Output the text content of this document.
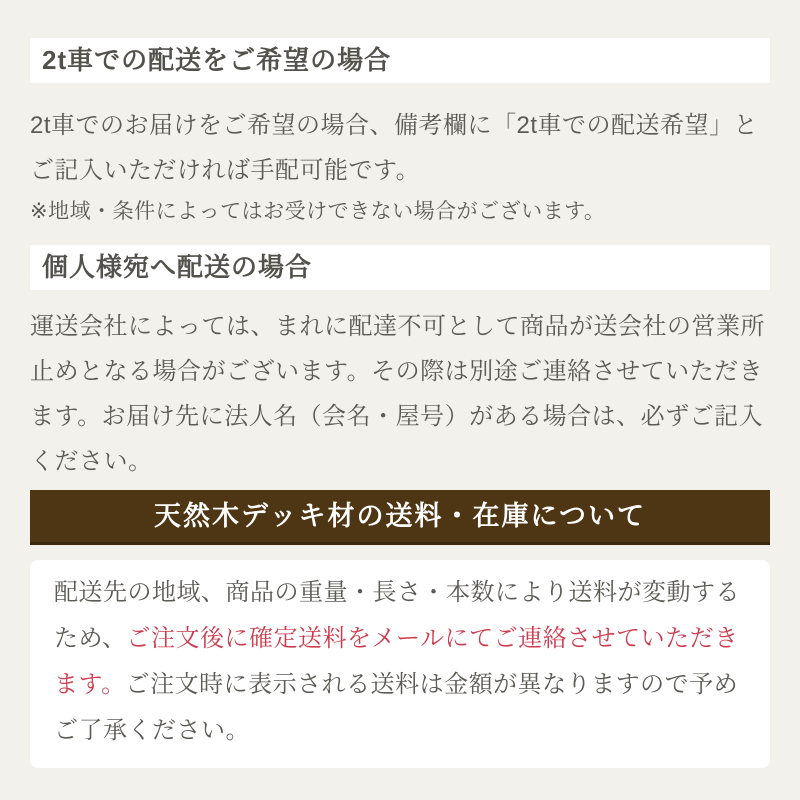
2t車での配送をご希望の場合
2t車でのお届けをご希望の場合、備考欄に「2t車での配送希望」と
ご記入いただければ手配可能です。
※地域・条件によってはお受けできない場合がございます。
個人様宛へ配送の場合
運送会社によっては、まれに配達不可として商品が送会社の営業所
止めとなる場合がございます。その際は別途ご連絡させていただき
ます。お届け先に法人名（会名・屋号）がある場合は、必ずご記入
ください。
天然木デッキ材の送料・在庫について
配送先の地域、商品の重量・長さ・本数により送料が変動する
ため、ご注文後に確定送料をメールにてご連絡させていただき
ます。ご注文時に表示される送料は金額が異なりますので予め
ご了承ください。
